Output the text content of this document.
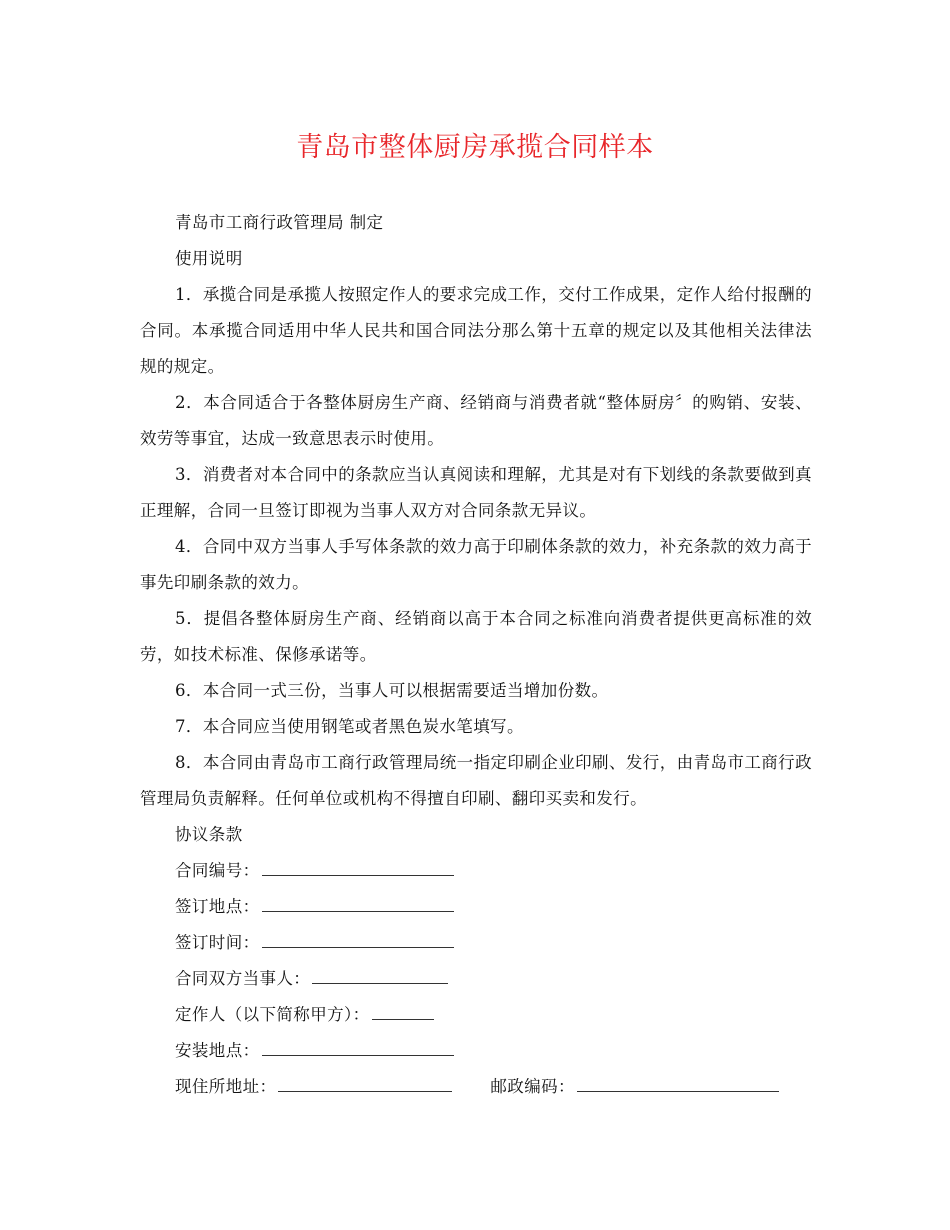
青岛市整体厨房承揽合同样本

青岛市工商行政管理局 制定

使用说明

1．承揽合同是承揽人按照定作人的要求完成工作，交付工作成果，定作人给付报酬的合同。本承揽合同适用中华人民共和国合同法分那么第十五章的规定以及其他相关法律法规的规定。

2．本合同适合于各整体厨房生产商、经销商与消费者就“整体厨房〞的购销、安装、效劳等事宜，达成一致意思表示时使用。

3．消费者对本合同中的条款应当认真阅读和理解，尤其是对有下划线的条款要做到真正理解，合同一旦签订即视为当事人双方对合同条款无异议。

4．合同中双方当事人手写体条款的效力高于印刷体条款的效力，补充条款的效力高于事先印刷条款的效力。

5．提倡各整体厨房生产商、经销商以高于本合同之标准向消费者提供更高标准的效劳，如技术标准、保修承诺等。

6．本合同一式三份，当事人可以根据需要适当增加份数。

7．本合同应当使用钢笔或者黑色炭水笔填写。

8．本合同由青岛市工商行政管理局统一指定印刷企业印刷、发行，由青岛市工商行政管理局负责解释。任何单位或机构不得擅自印刷、翻印买卖和发行。

协议条款

合同编号：

签订地点：

签订时间：

合同双方当事人：

定作人（以下简称甲方）：

安装地点：

现住所地址：	邮政编码：
